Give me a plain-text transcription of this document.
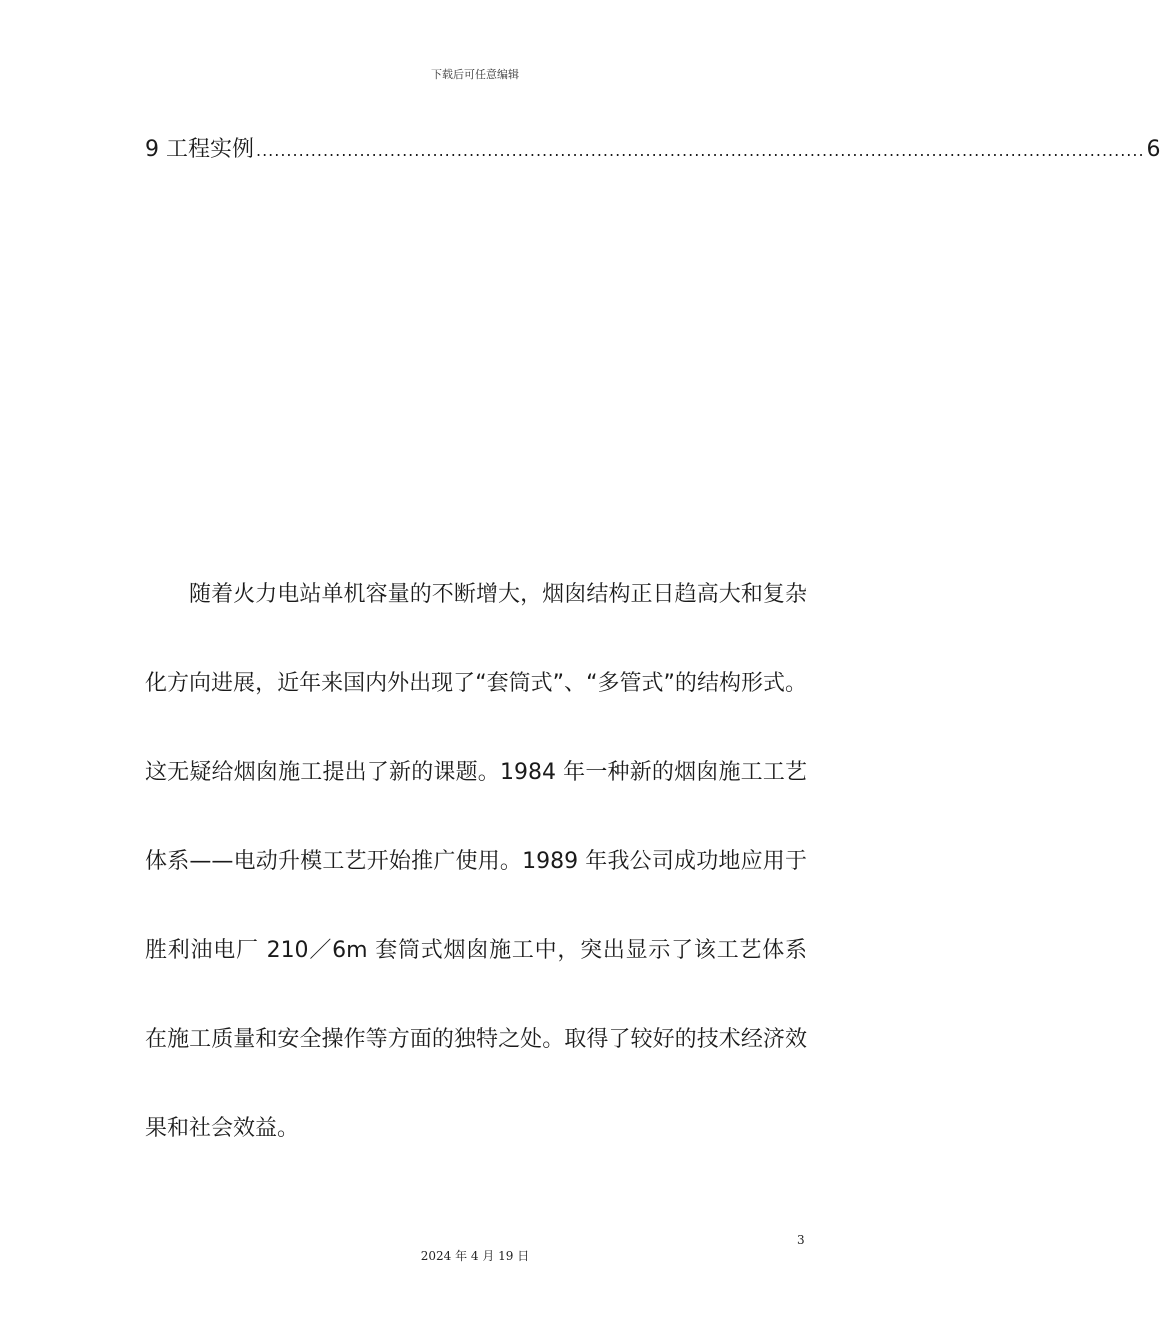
下载后可任意编辑
9 工程实例 .................................................................................................................................................. 6

随着火力电站单机容量的不断增大，烟囱结构正日趋高大和复杂化方向进展，近年来国内外出现了“套筒式”、“多管式”的结构形式。这无疑给烟囱施工提出了新的课题。1984 年一种新的烟囱施工工艺体系——电动升模工艺开始推广使用。1989 年我公司成功地应用于胜利油电厂 210／6m 套筒式烟囱施工中，突出显示了该工艺体系在施工质量和安全操作等方面的独特之处。取得了较好的技术经济效果和社会效益。

3
2024 年 4 月 19 日
